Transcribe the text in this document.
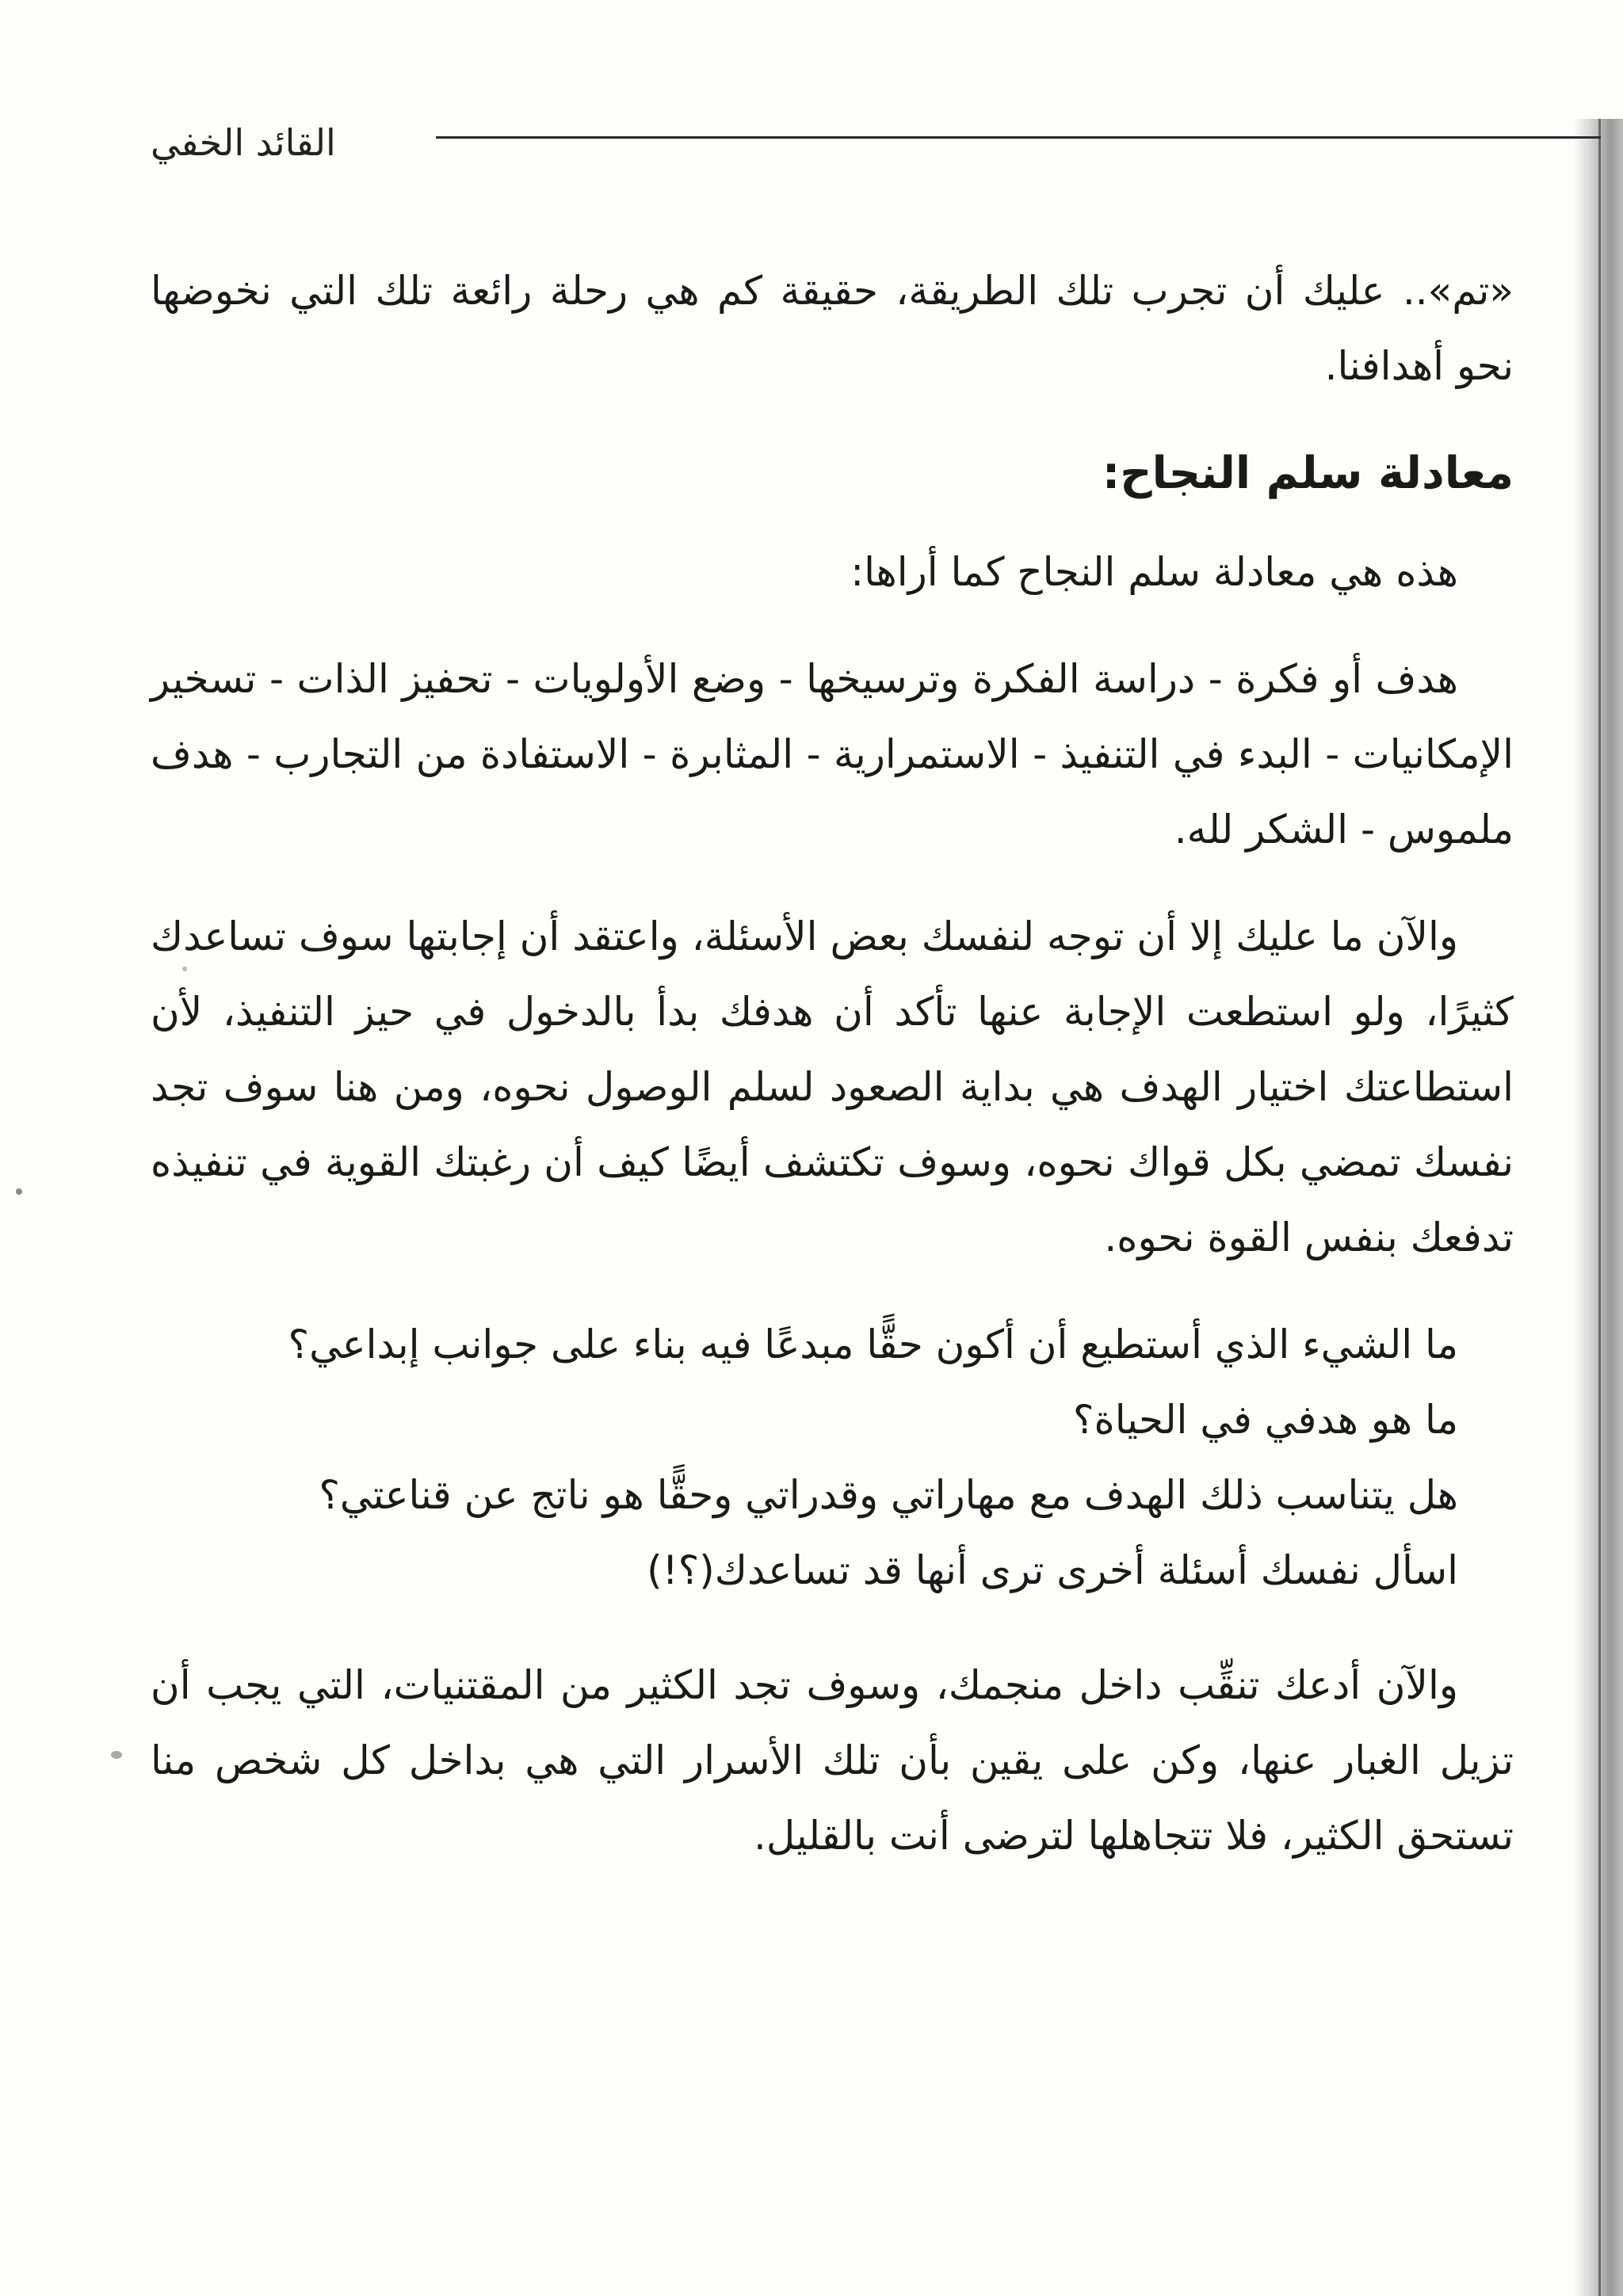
القائد الخفي

«تم».. عليك أن تجرب تلك الطريقة، حقيقة كم هي رحلة رائعة تلك التي نخوضها نحو أهدافنا.

معادلة سلم النجاح:

هذه هي معادلة سلم النجاح كما أراها:

هدف أو فكرة - دراسة الفكرة وترسيخها - وضع الأولويات - تحفيز الذات - تسخير الإمكانيات - البدء في التنفيذ - الاستمرارية - المثابرة - الاستفادة من التجارب - هدف ملموس - الشكر لله.

والآن ما عليك إلا أن توجه لنفسك بعض الأسئلة، واعتقد أن إجابتها سوف تساعدك كثيرًا، ولو استطعت الإجابة عنها تأكد أن هدفك بدأ بالدخول في حيز التنفيذ، لأن استطاعتك اختيار الهدف هي بداية الصعود لسلم الوصول نحوه، ومن هنا سوف تجد نفسك تمضي بكل قواك نحوه، وسوف تكتشف أيضًا كيف أن رغبتك القوية في تنفيذه تدفعك بنفس القوة نحوه.

ما الشيء الذي أستطيع أن أكون حقًّا مبدعًا فيه بناء على جوانب إبداعي؟

ما هو هدفي في الحياة؟

هل يتناسب ذلك الهدف مع مهاراتي وقدراتي وحقًّا هو ناتج عن قناعتي؟

اسأل نفسك أسئلة أخرى ترى أنها قد تساعدك(؟!)

والآن أدعك تنقِّب داخل منجمك، وسوف تجد الكثير من المقتنيات، التي يجب أن تزيل الغبار عنها، وكن على يقين بأن تلك الأسرار التي هي بداخل كل شخص منا تستحق الكثير، فلا تتجاهلها لترضى أنت بالقليل.
